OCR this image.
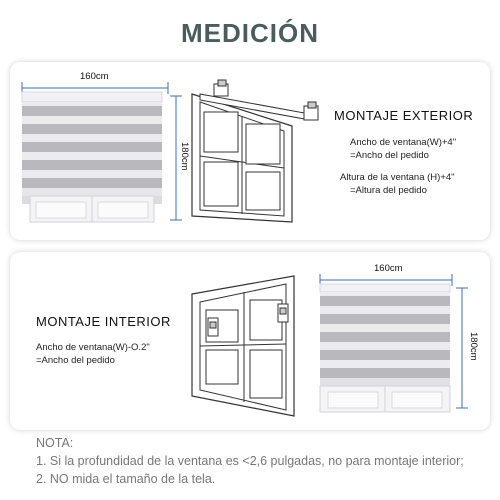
MEDICIÓN
160cm
180cm
MONTAJE EXTERIOR
Ancho de ventana(W)+4"
=Ancho del pedido
Altura de la ventana (H)+4"
=Altura del pedido
MONTAJE INTERIOR
Ancho de ventana(W)-O.2"
=Ancho del pedido
160cm
180cm
NOTA:
1. Si la profundidad de la ventana es <2,6 pulgadas, no para montaje interior;
2. NO mida el tamaño de la tela.
